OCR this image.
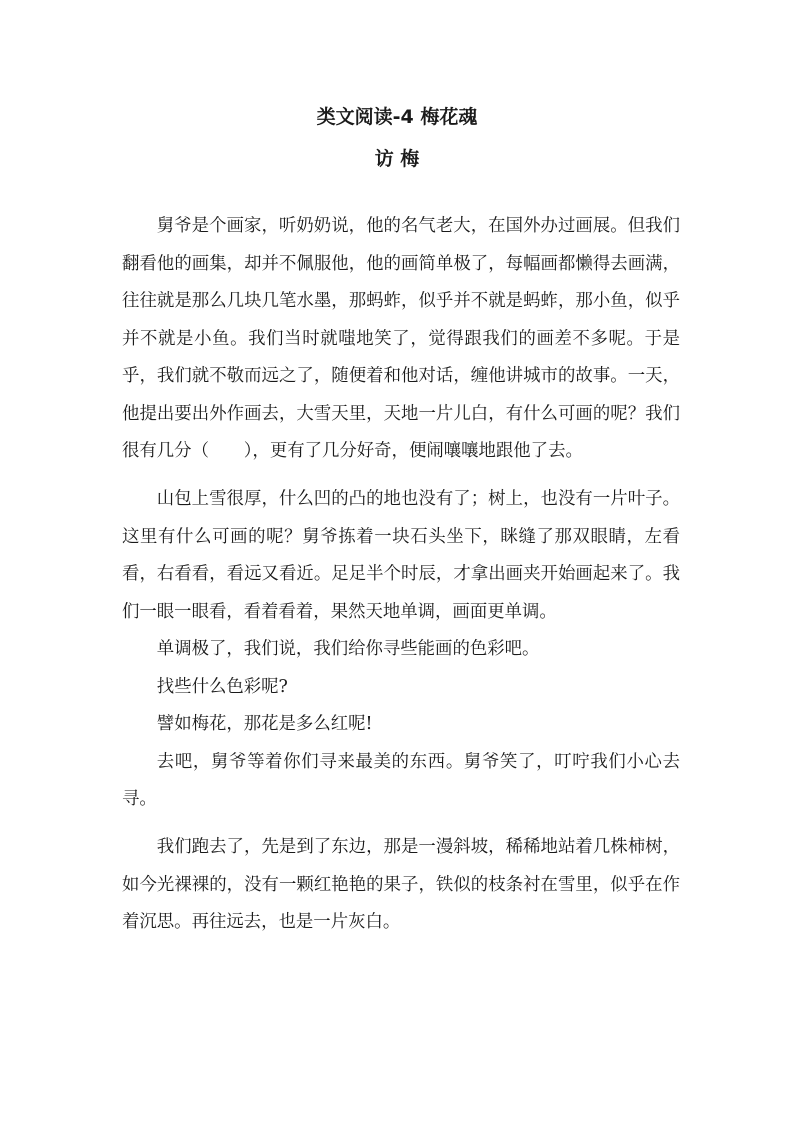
类文阅读-4 梅花魂
访 梅

舅爷是个画家，听奶奶说，他的名气老大，在国外办过画展。但我们翻看他的画集，却并不佩服他，他的画简单极了，每幅画都懒得去画满，往往就是那么几块几笔水墨，那蚂蚱，似乎并不就是蚂蚱，那小鱼，似乎并不就是小鱼。我们当时就嗤地笑了，觉得跟我们的画差不多呢。于是乎，我们就不敬而远之了，随便着和他对话，缠他讲城市的故事。一天，他提出要出外作画去，大雪天里，天地一片儿白，有什么可画的呢？我们很有几分（　　），更有了几分好奇，便闹嚷嚷地跟他了去。

山包上雪很厚，什么凹的凸的地也没有了；树上，也没有一片叶子。这里有什么可画的呢？舅爷拣着一块石头坐下，眯缝了那双眼睛，左看看，右看看，看远又看近。足足半个时辰，才拿出画夹开始画起来了。我们一眼一眼看，看着看着，果然天地单调，画面更单调。

单调极了，我们说，我们给你寻些能画的色彩吧。

找些什么色彩呢?

譬如梅花，那花是多么红呢!

去吧，舅爷等着你们寻来最美的东西。舅爷笑了，叮咛我们小心去寻。

我们跑去了，先是到了东边，那是一漫斜坡，稀稀地站着几株柿树，如今光裸裸的，没有一颗红艳艳的果子，铁似的枝条衬在雪里，似乎在作着沉思。再往远去，也是一片灰白。
